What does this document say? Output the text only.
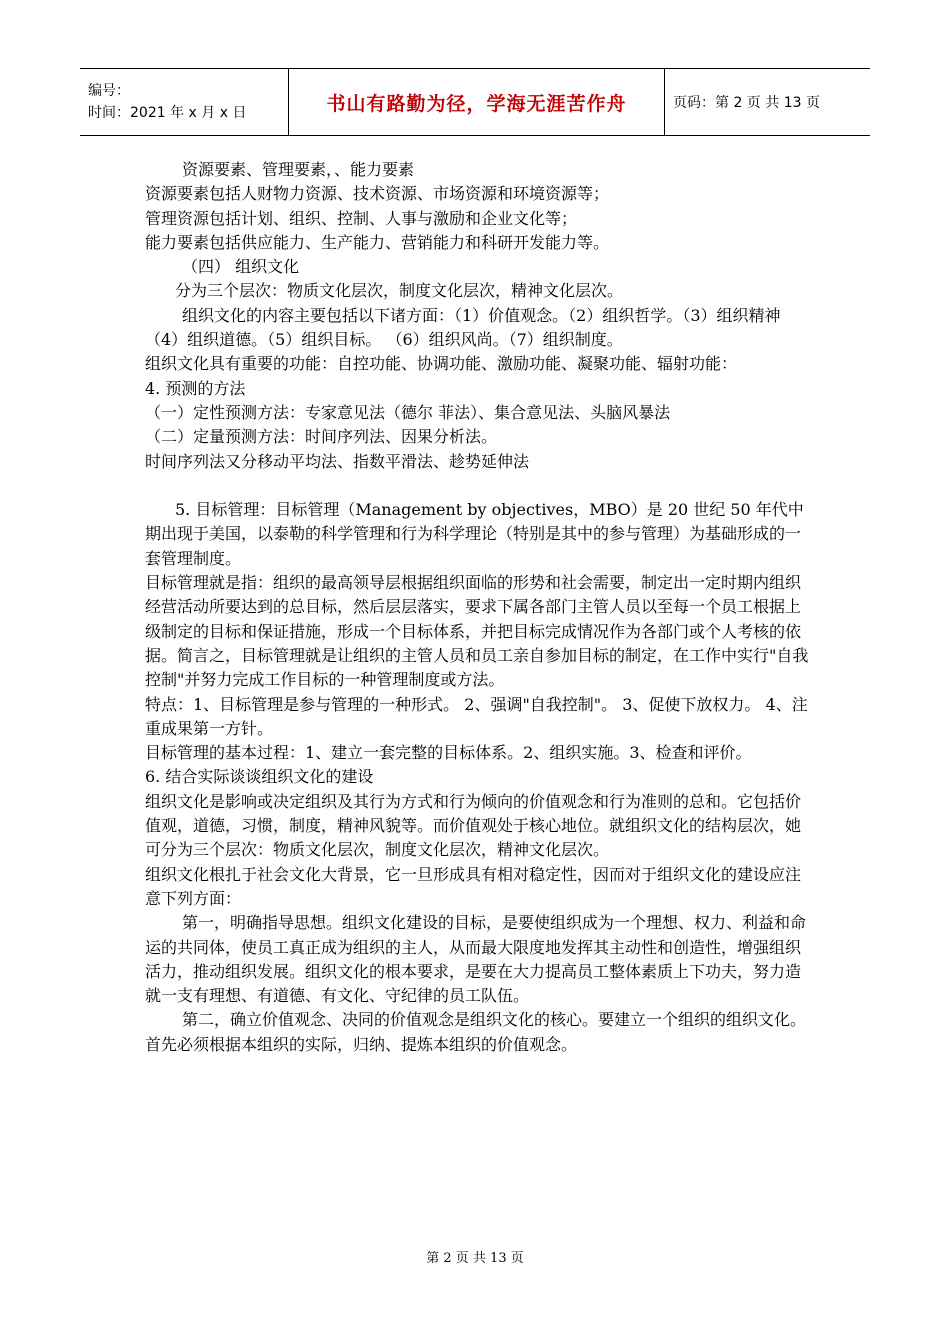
编号：
时间：2021 年 x 月 x 日	书山有路勤为径，学海无涯苦作舟	页码：第 2 页 共 13 页

资源要素、管理要素，、能力要素

资源要素包括人财物力资源、技术资源、市场资源和环境资源等；

管理资源包括计划、组织、控制、人事与激励和企业文化等；

能力要素包括供应能力、生产能力、营销能力和科研开发能力等。

（四） 组织文化

分为三个层次：物质文化层次，制度文化层次，精神文化层次。

组织文化的内容主要包括以下诸方面：（1）价值观念。（2）组织哲学。（3）组织精神（4）组织道德。（5）组织目标。 （6）组织风尚。（7）组织制度。

组织文化具有重要的功能：自控功能、协调功能、激励功能、凝聚功能、辐射功能：

4. 预测的方法

（一）定性预测方法：专家意见法（德尔 菲法）、集合意见法、头脑风暴法

（二）定量预测方法：时间序列法、因果分析法。

时间序列法又分移动平均法、指数平滑法、趁势延伸法

5. 目标管理：目标管理（Management by objectives，MBO）是 20 世纪 50 年代中期出现于美国，以泰勒的科学管理和行为科学理论（特别是其中的参与管理）为基础形成的一套管理制度。

目标管理就是指：组织的最高领导层根据组织面临的形势和社会需要，制定出一定时期内组织经营活动所要达到的总目标，然后层层落实，要求下属各部门主管人员以至每一个员工根据上级制定的目标和保证措施，形成一个目标体系，并把目标完成情况作为各部门或个人考核的依据。简言之，目标管理就是让组织的主管人员和员工亲自参加目标的制定，在工作中实行"自我控制"并努力完成工作目标的一种管理制度或方法。

特点：1、目标管理是参与管理的一种形式。 2、强调"自我控制"。 3、促使下放权力。 4、注重成果第一方针。

目标管理的基本过程：1、建立一套完整的目标体系。2、组织实施。3、检查和评价。

6. 结合实际谈谈组织文化的建设

组织文化是影响或决定组织及其行为方式和行为倾向的价值观念和行为准则的总和。它包括价值观，道德，习惯，制度，精神风貌等。而价值观处于核心地位。就组织文化的结构层次，她可分为三个层次：物质文化层次，制度文化层次，精神文化层次。

组织文化根扎于社会文化大背景，它一旦形成具有相对稳定性，因而对于组织文化的建设应注意下列方面：

第一，明确指导思想。组织文化建设的目标，是要使组织成为一个理想、权力、利益和命运的共同体，使员工真正成为组织的主人，从而最大限度地发挥其主动性和创造性，增强组织活力，推动组织发展。组织文化的根本要求，是要在大力提高员工整体素质上下功夫，努力造就一支有理想、有道德、有文化、守纪律的员工队伍。

第二，确立价值观念、决同的价值观念是组织文化的核心。要建立一个组织的组织文化。首先必须根据本组织的实际，归纳、提炼本组织的价值观念。

第 2 页 共 13 页
